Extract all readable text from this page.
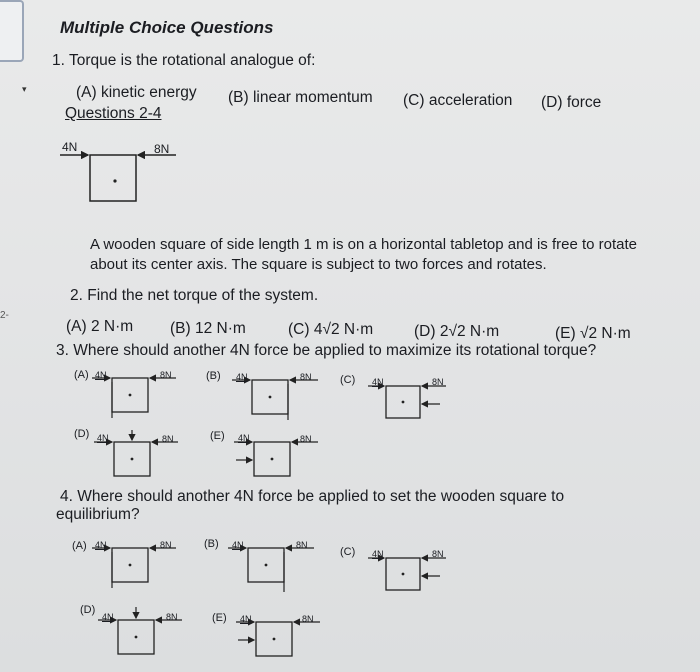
▾
2-
Multiple Choice Questions
1. Torque is the rotational analogue of:
(A) kinetic energy (B) linear momentum (C) acceleration (D) force
Questions 2-4
4N	8N
A wooden square of side length 1 m is on a horizontal tabletop and is free to rotate
about its center axis. The square is subject to two forces and rotates.
2. Find the net torque of the system.
(A) 2 N·m (B) 12 N·m	(C) 4√2 N·m	(D) 2√2 N·m	(E) √2 N·m
3. Where should another 4N force be applied to maximize its rotational torque?
(A) 4N	8N	(B) 4N	8N	(C) 4N	8N
(D) 4N	8N	(E) 4N	8N
4. Where should another 4N force be applied to set the wooden square to
equilibrium?
(A) 4N	8N	(B) 4N	8N
(C) 4N	8N
(D)
4N	8N	(E) 4N	8N
